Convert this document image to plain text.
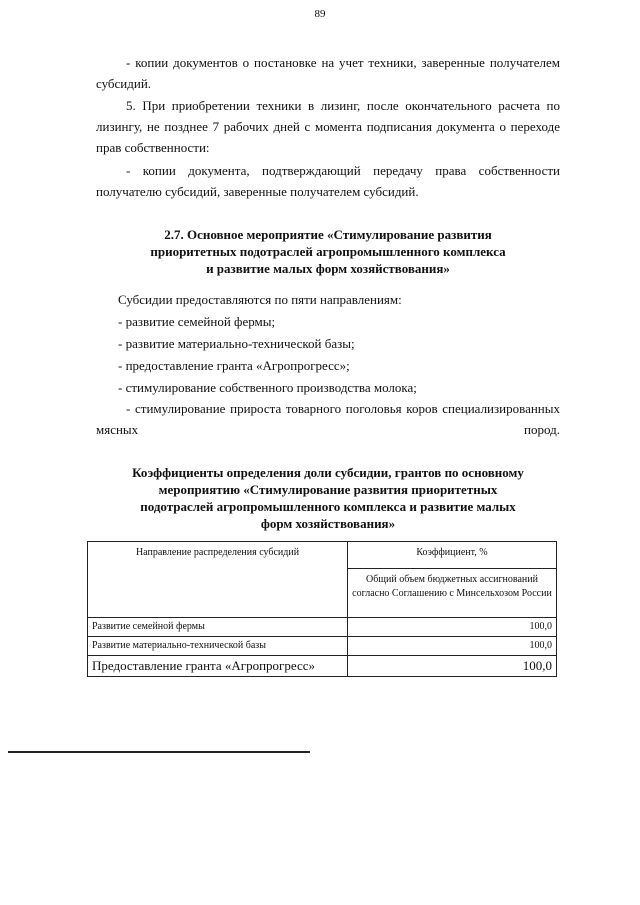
89

- копии документов о постановке на учет техники, заверенные получателем субсидий.

5. При приобретении техники в лизинг, после окончательного расчета по лизингу, не позднее 7 рабочих дней с момента подписания документа о переходе прав собственности:

- копии документа, подтверждающий передачу права собственности получателю субсидий, заверенные получателем субсидий.

2.7. Основное мероприятие «Стимулирование развития
приоритетных подотраслей агропромышленного комплекса
и развитие малых форм хозяйствования»
Субсидии предоставляются по пяти направлениям:
- развитие семейной фермы;
- развитие материально-технической базы;
- предоставление гранта «Агропрогресс»;
- стимулирование собственного производства молока;

- стимулирование прироста товарного поголовья коров специализированных мясных пород.

Коэффициенты определения доли субсидии, грантов по основному
мероприятию «Стимулирование развития приоритетных
подотраслей агропромышленного комплекса и развитие малых
форм хозяйствования»
Направление распределения субсидий	Коэффициент, %
	Общий объем бюджетных ассигнований согласно Соглашению с Минсельхозом России
Развитие семейной фермы	100,0
Развитие материально-технической базы	100,0
Предоставление гранта «Агропрогресс»	100,0
